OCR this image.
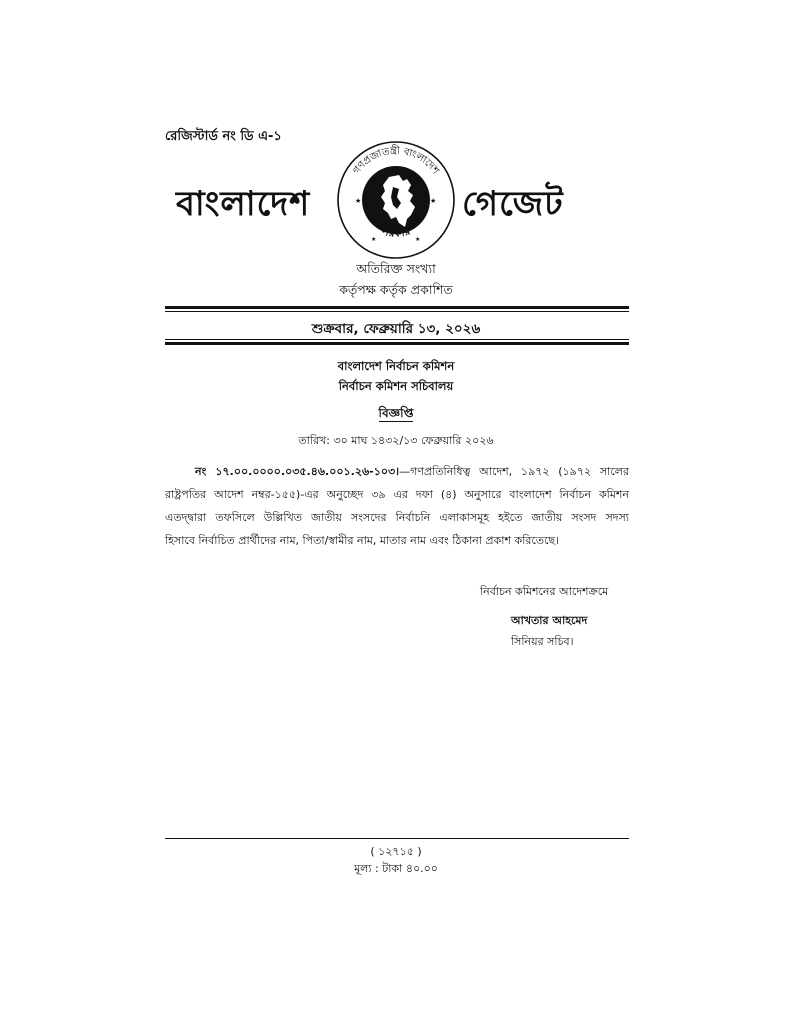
রেজিস্টার্ড নং ডি এ-১
বাংলাদেশ
গণপ্রজাতন্ত্রী বাংলাদেশ
সরকার
★	★
★	★
গেজেট
অতিরিক্ত সংখ্যা
কর্তৃপক্ষ কর্তৃক প্রকাশিত
শুক্রবার, ফেব্রুয়ারি ১৩, ২০২৬
বাংলাদেশ নির্বাচন কমিশন
নির্বাচন কমিশন সচিবালয়
বিজ্ঞপ্তি
তারিখ: ৩০ মাঘ ১৪৩২/১৩ ফেব্রুয়ারি ২০২৬
নং ১৭.০০.০০০০.০৩৫.৪৬.০০১.২৬-১০৩।—গণপ্রতিনিধিত্ব আদেশ, ১৯৭২ (১৯৭২ সালের
রাষ্ট্রপতির আদেশ নম্বর-১৫৫)-এর অনুচ্ছেদ ৩৯ এর দফা (৪) অনুসারে বাংলাদেশ নির্বাচন কমিশন
এতদ্দ্বারা তফসিলে উল্লিখিত জাতীয় সংসদের নির্বাচনি এলাকাসমূহ হইতে জাতীয় সংসদ সদস্য
হিসাবে নির্বাচিত প্রার্থীদের নাম, পিতা/স্বামীর নাম, মাতার নাম এবং ঠিকানা প্রকাশ করিতেছে।
নির্বাচন কমিশনের আদেশক্রমে
আখতার আহমেদ
সিনিয়র সচিব।
( ১২৭১৫ )
মূল্য : টাকা ৪০.০০
